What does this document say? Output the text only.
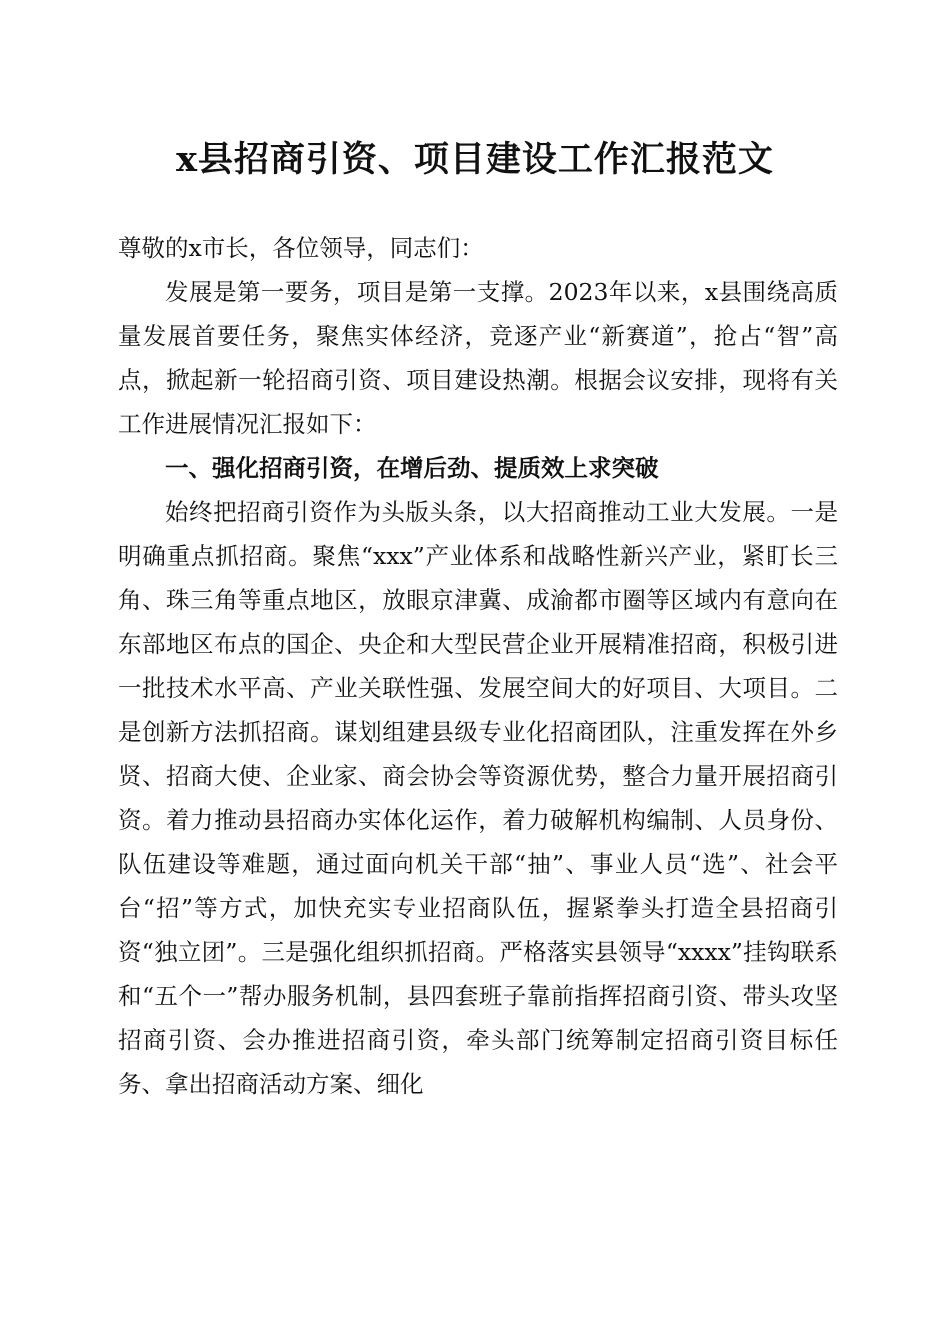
x县招商引资、项目建设工作汇报范文

尊敬的x市长，各位领导，同志们：

发展是第一要务，项目是第一支撑。2023年以来，x县围绕高质量发展首要任务，聚焦实体经济，竞逐产业“新赛道”，抢占“智”高点，掀起新一轮招商引资、项目建设热潮。根据会议安排，现将有关工作进展情况汇报如下：

一、强化招商引资，在增后劲、提质效上求突破

始终把招商引资作为头版头条，以大招商推动工业大发展。一是明确重点抓招商。聚焦“xxx”产业体系和战略性新兴产业，紧盯长三角、珠三角等重点地区，放眼京津冀、成渝都市圈等区域内有意向在东部地区布点的国企、央企和大型民营企业开展精准招商，积极引进一批技术水平高、产业关联性强、发展空间大的好项目、大项目。二是创新方法抓招商。谋划组建县级专业化招商团队，注重发挥在外乡贤、招商大使、企业家、商会协会等资源优势，整合力量开展招商引资。着力推动县招商办实体化运作，着力破解机构编制、人员身份、队伍建设等难题，通过面向机关干部“抽”、事业人员“选”、社会平台“招”等方式，加快充实专业招商队伍，握紧拳头打造全县招商引资“独立团”。三是强化组织抓招商。严格落实县领导“xxxx”挂钩联系和“五个一”帮办服务机制，县四套班子靠前指挥招商引资、带头攻坚招商引资、会办推进招商引资，牵头部门统筹制定招商引资目标任务、拿出招商活动方案、细化
